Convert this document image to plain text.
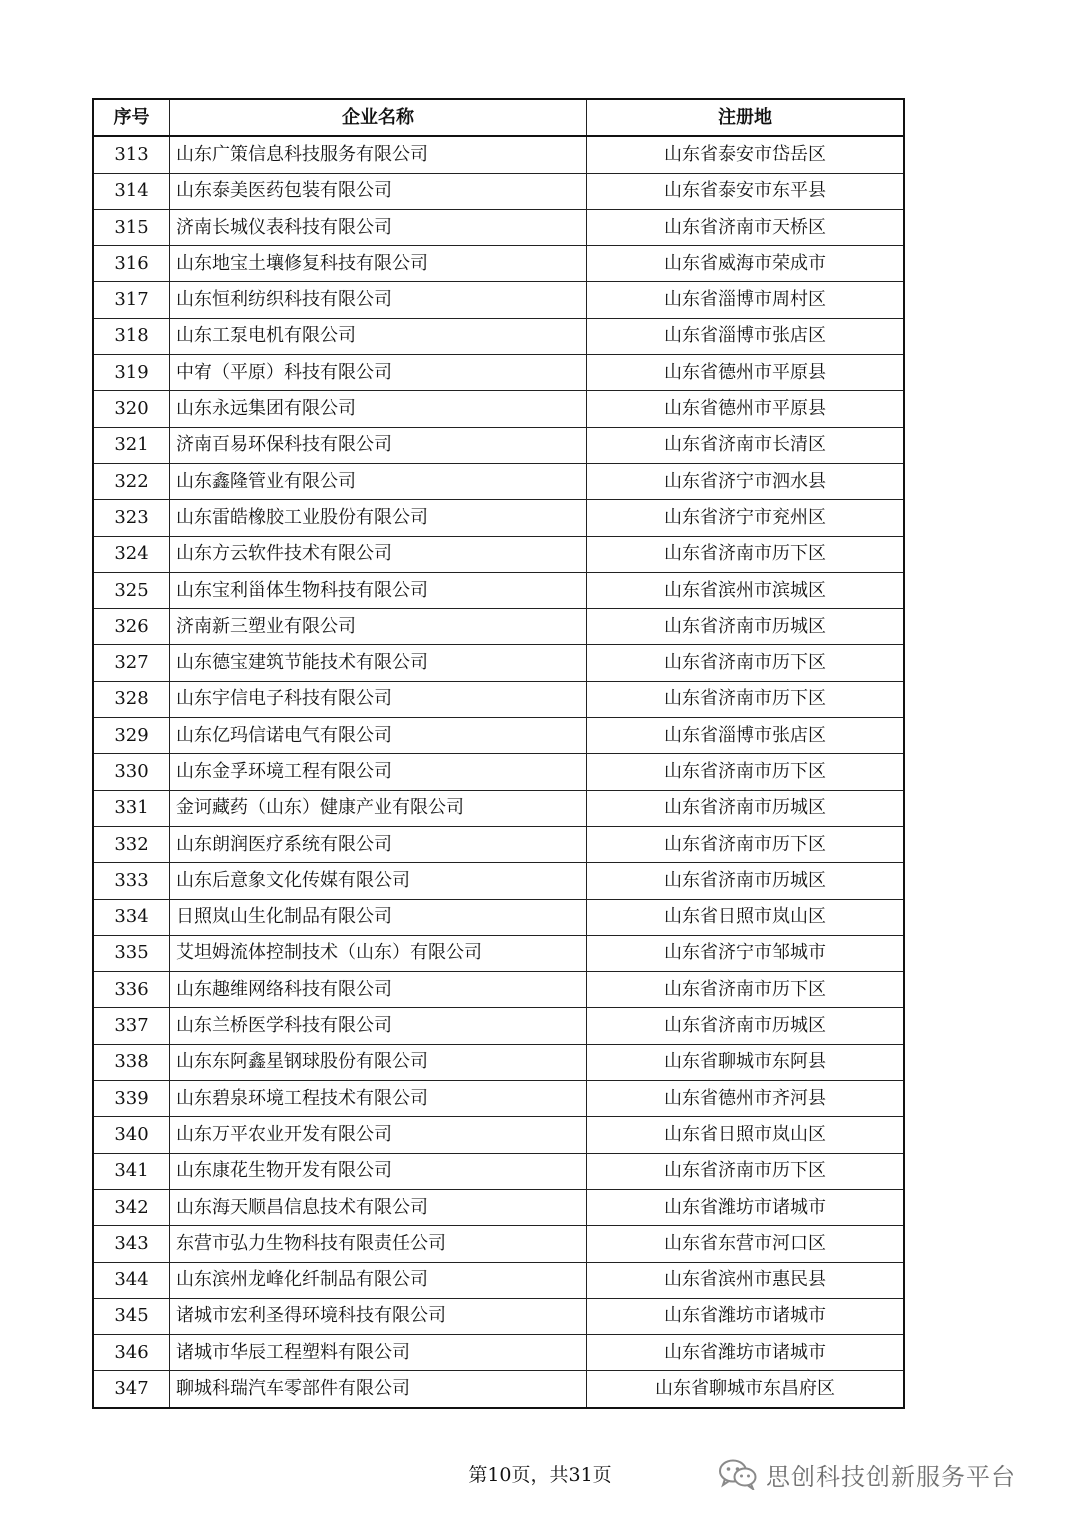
序号	企业名称	注册地
313	山东广策信息科技服务有限公司	山东省泰安市岱岳区
314	山东泰美医药包装有限公司	山东省泰安市东平县
315	济南长城仪表科技有限公司	山东省济南市天桥区
316	山东地宝土壤修复科技有限公司	山东省威海市荣成市
317	山东恒利纺织科技有限公司	山东省淄博市周村区
318	山东工泵电机有限公司	山东省淄博市张店区
319	中宥（平原）科技有限公司	山东省德州市平原县
320	山东永远集团有限公司	山东省德州市平原县
321	济南百易环保科技有限公司	山东省济南市长清区
322	山东鑫隆管业有限公司	山东省济宁市泗水县
323	山东雷皓橡胶工业股份有限公司	山东省济宁市兖州区
324	山东方云软件技术有限公司	山东省济南市历下区
325	山东宝利甾体生物科技有限公司	山东省滨州市滨城区
326	济南新三塑业有限公司	山东省济南市历城区
327	山东德宝建筑节能技术有限公司	山东省济南市历下区
328	山东宇信电子科技有限公司	山东省济南市历下区
329	山东亿玛信诺电气有限公司	山东省淄博市张店区
330	山东金孚环境工程有限公司	山东省济南市历下区
331	金诃藏药（山东）健康产业有限公司	山东省济南市历城区
332	山东朗润医疗系统有限公司	山东省济南市历下区
333	山东后意象文化传媒有限公司	山东省济南市历城区
334	日照岚山生化制品有限公司	山东省日照市岚山区
335	艾坦姆流体控制技术（山东）有限公司	山东省济宁市邹城市
336	山东趣维网络科技有限公司	山东省济南市历下区
337	山东兰桥医学科技有限公司	山东省济南市历城区
338	山东东阿鑫星钢球股份有限公司	山东省聊城市东阿县
339	山东碧泉环境工程技术有限公司	山东省德州市齐河县
340	山东万平农业开发有限公司	山东省日照市岚山区
341	山东康花生物开发有限公司	山东省济南市历下区
342	山东海天顺昌信息技术有限公司	山东省潍坊市诸城市
343	东营市弘力生物科技有限责任公司	山东省东营市河口区
344	山东滨州龙峰化纤制品有限公司	山东省滨州市惠民县
345	诸城市宏利圣得环境科技有限公司	山东省潍坊市诸城市
346	诸城市华辰工程塑料有限公司	山东省潍坊市诸城市
347	聊城科瑞汽车零部件有限公司	山东省聊城市东昌府区
第10页，共31页	思创科技创新服务平台
